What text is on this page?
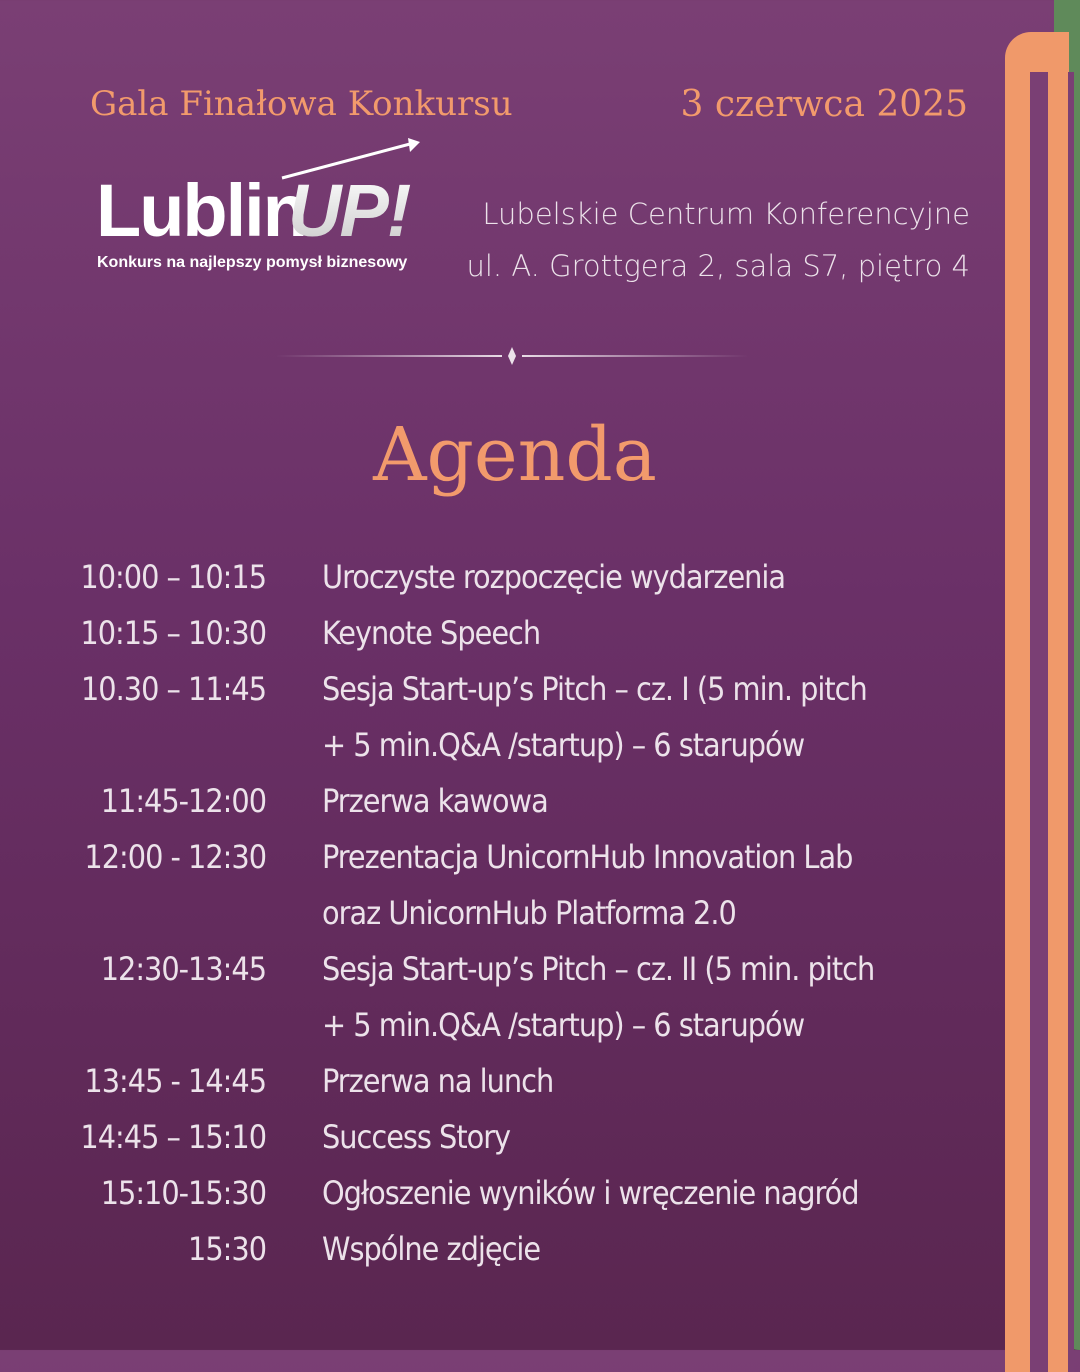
Gala Finałowa Konkursu	3 czerwca 2025
Lublin
UP!
Konkurs na najlepszy pomysł biznesowy
Lubelskie Centrum Konferencyjne
ul. A. Grottgera 2, sala S7, piętro 4
Agenda
10:00 – 10:15 Uroczyste rozpoczęcie wydarzenia
10:15 – 10:30 Keynote Speech
10.30 – 11:45 Sesja Start-up’s Pitch – cz. I (5 min. pitch
+ 5 min.Q&A /startup) – 6 starupów
11:45-12:00 Przerwa kawowa
12:00 - 12:30 Prezentacja UnicornHub Innovation Lab
oraz UnicornHub Platforma 2.0
12:30-13:45 Sesja Start-up’s Pitch – cz. II (5 min. pitch
+ 5 min.Q&A /startup) – 6 starupów
13:45 - 14:45 Przerwa na lunch
14:45 – 15:10 Success Story
15:10-15:30 Ogłoszenie wyników i wręczenie nagród
15:30 Wspólne zdjęcie
